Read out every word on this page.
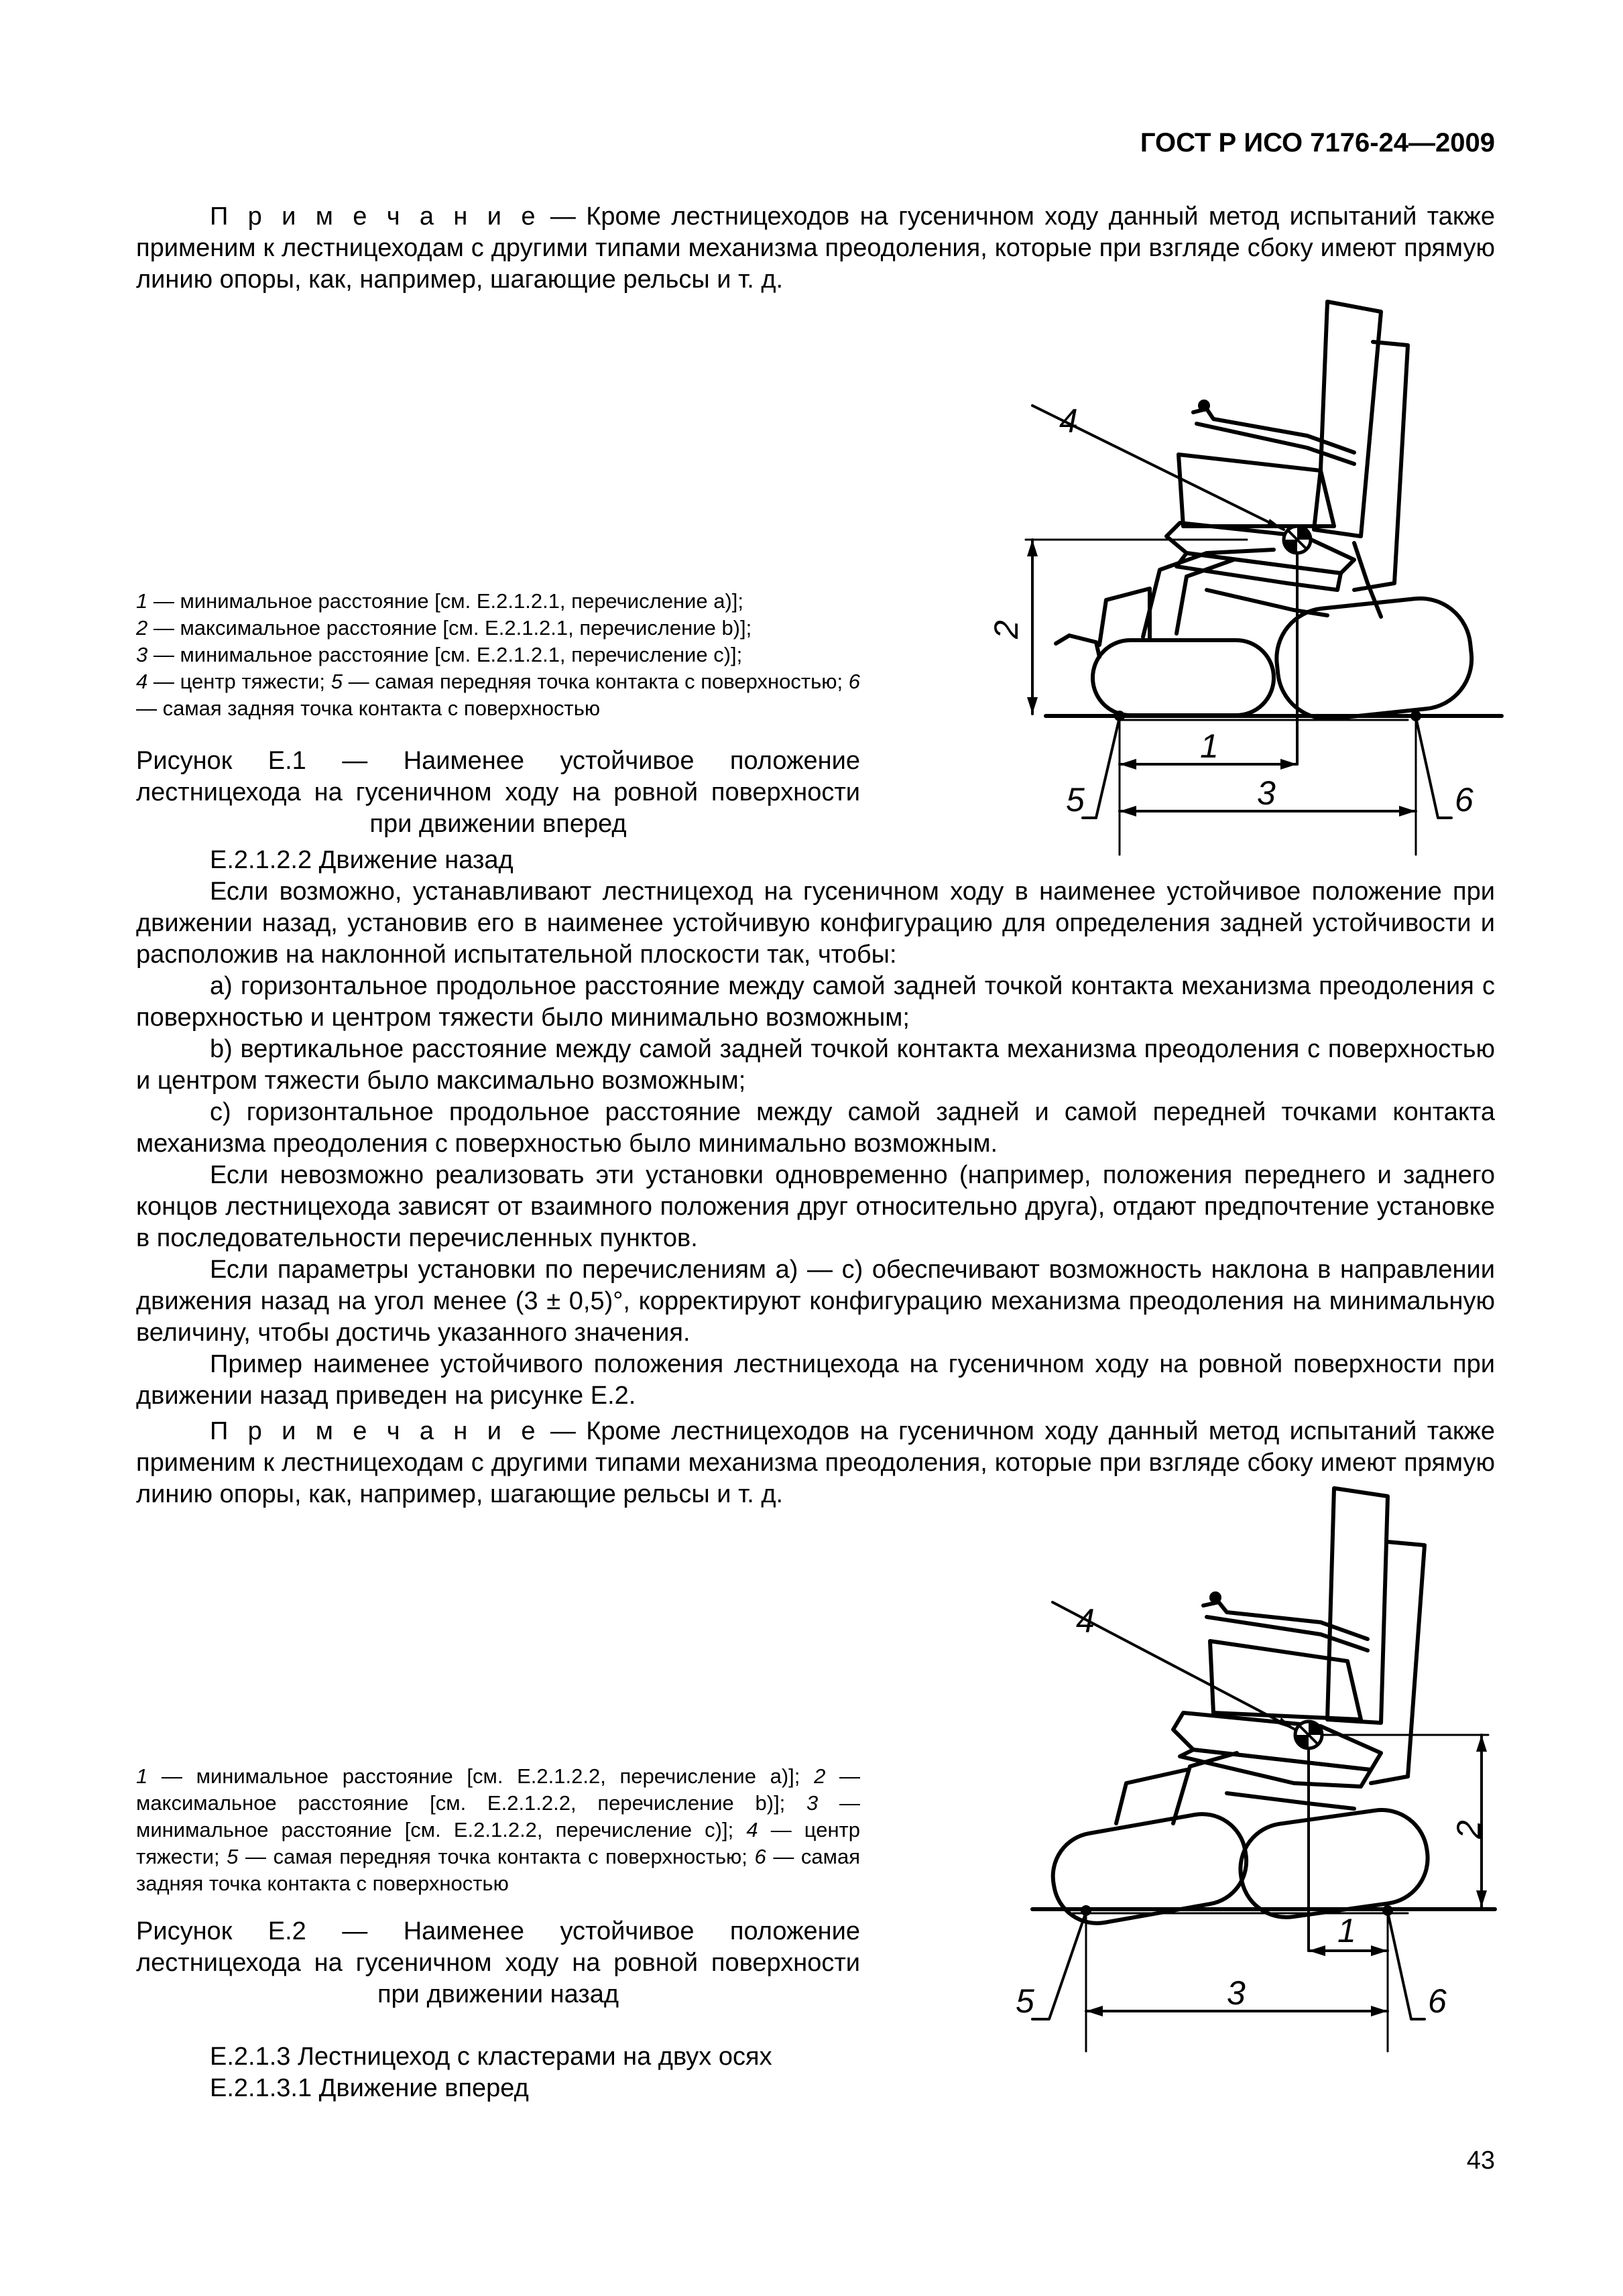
ГОСТ Р ИСО 7176-24—2009
П р и м е ч а н и е — Кроме лестницеходов на гусеничном ходу данный метод испытаний также применим к лестницеходам с другими типами механизма преодоления, которые при взгляде сбоку имеют прямую линию опоры, как, например, шагающие рельсы и т. д.
1 — минимальное расстояние [см. Е.2.1.2.1, перечисление а)];
2 — максимальное расстояние [см. Е.2.1.2.1, перечисление b)];
3 — минимальное расстояние [см. Е.2.1.2.1, перечисление с)];
4 — центр тяжести; 5 — самая передняя точка контакта с поверхностью; 6 — самая задняя точка контакта с поверхностью
Рисунок Е.1 — Наименее устойчивое положение лестницехода на гусеничном ходу на ровной поверхности при движении вперед
4
2
1
3
5	6
Е.2.1.2.2 Движение назад
Если возможно, устанавливают лестницеход на гусеничном ходу в наименее устойчивое положение при движении назад, установив его в наименее устойчивую конфигурацию для определения задней устойчивости и расположив на наклонной испытательной плоскости так, чтобы:
а) горизонтальное продольное расстояние между самой задней точкой контакта механизма преодоления с поверхностью и центром тяжести было минимально возможным;
b) вертикальное расстояние между самой задней точкой контакта механизма преодоления с поверхностью и центром тяжести было максимально возможным;
с) горизонтальное продольное расстояние между самой задней и самой передней точками контакта механизма преодоления с поверхностью было минимально возможным.
Если невозможно реализовать эти установки одновременно (например, положения переднего и заднего концов лестницехода зависят от взаимного положения друг относительно друга), отдают предпочтение установке в последовательности перечисленных пунктов.
Если параметры установки по перечислениям а) — с) обеспечивают возможность наклона в направлении движения назад на угол менее (3 ± 0,5)°, корректируют конфигурацию механизма преодоления на минимальную величину, чтобы достичь указанного значения.
Пример наименее устойчивого положения лестницехода на гусеничном ходу на ровной поверхности при движении назад приведен на рисунке Е.2.
П р и м е ч а н и е — Кроме лестницеходов на гусеничном ходу данный метод испытаний также применим к лестницеходам с другими типами механизма преодоления, которые при взгляде сбоку имеют прямую линию опоры, как, например, шагающие рельсы и т. д.
1 — минимальное расстояние [см. Е.2.1.2.2, перечисление а)]; 2 — максимальное расстояние [см. Е.2.1.2.2, перечисление b)]; 3 — минимальное расстояние [см. Е.2.1.2.2, перечисление с)]; 4 — центр тяжести; 5 — самая передняя точка контакта с поверхностью; 6 — самая задняя точка контакта с поверхностью
Рисунок Е.2 — Наименее устойчивое положение лестницехода на гусеничном ходу на ровной поверхности при движении назад
4
2
1
3
5	6
Е.2.1.3 Лестницеход с кластерами на двух осях
Е.2.1.3.1 Движение вперед
43
